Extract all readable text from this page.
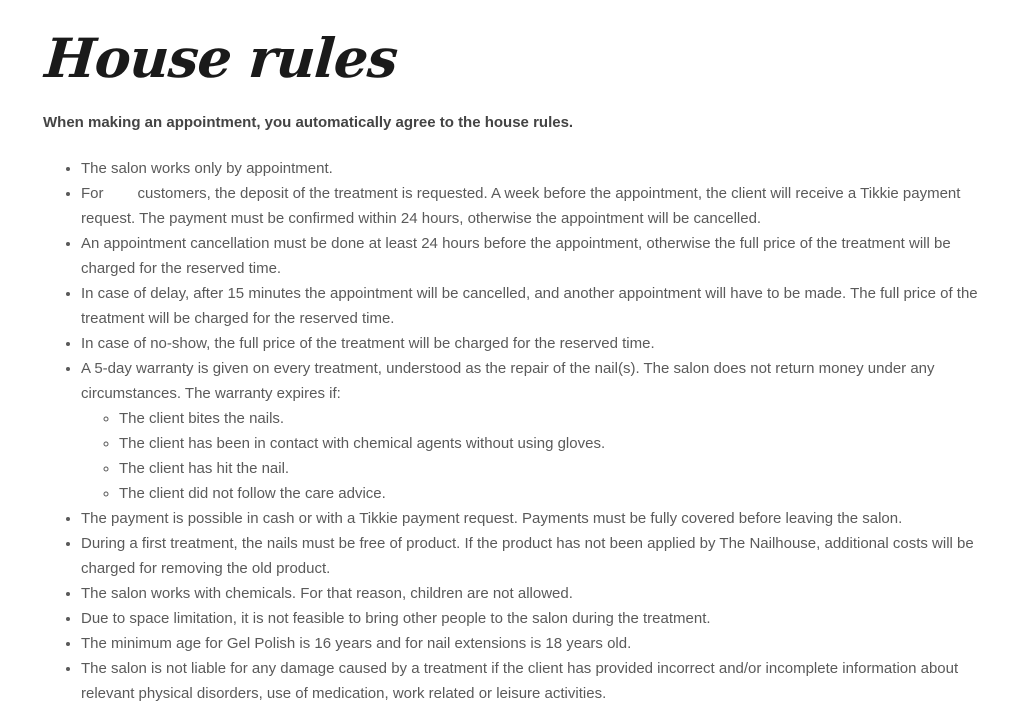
House rules

When making an appointment, you automatically agree to the house rules.

• The salon works only by appointment.
• For customers, the deposit of the treatment is requested. A week before the appointment, the client will receive a Tikkie payment request. The payment must be confirmed within 24 hours, otherwise the appointment will be cancelled.
• An appointment cancellation must be done at least 24 hours before the appointment, otherwise the full price of the treatment will be charged for the reserved time.
• In case of delay, after 15 minutes the appointment will be cancelled, and another appointment will have to be made. The full price of the treatment will be charged for the reserved time.
• In case of no-show, the full price of the treatment will be charged for the reserved time.
• A 5-day warranty is given on every treatment, understood as the repair of the nail(s). The salon does not return money under any circumstances. The warranty expires if:
◦ The client bites the nails.
◦ The client has been in contact with chemical agents without using gloves.
◦ The client has hit the nail.
◦ The client did not follow the care advice.
• The payment is possible in cash or with a Tikkie payment request. Payments must be fully covered before leaving the salon.
• During a first treatment, the nails must be free of product. If the product has not been applied by The Nailhouse, additional costs will be charged for removing the old product.
• The salon works with chemicals. For that reason, children are not allowed.
• Due to space limitation, it is not feasible to bring other people to the salon during the treatment.
• The minimum age for Gel Polish is 16 years and for nail extensions is 18 years old.
• The salon is not liable for any damage caused by a treatment if the client has provided incorrect and/or incomplete information about relevant physical disorders, use of medication, work related or leisure activities.
